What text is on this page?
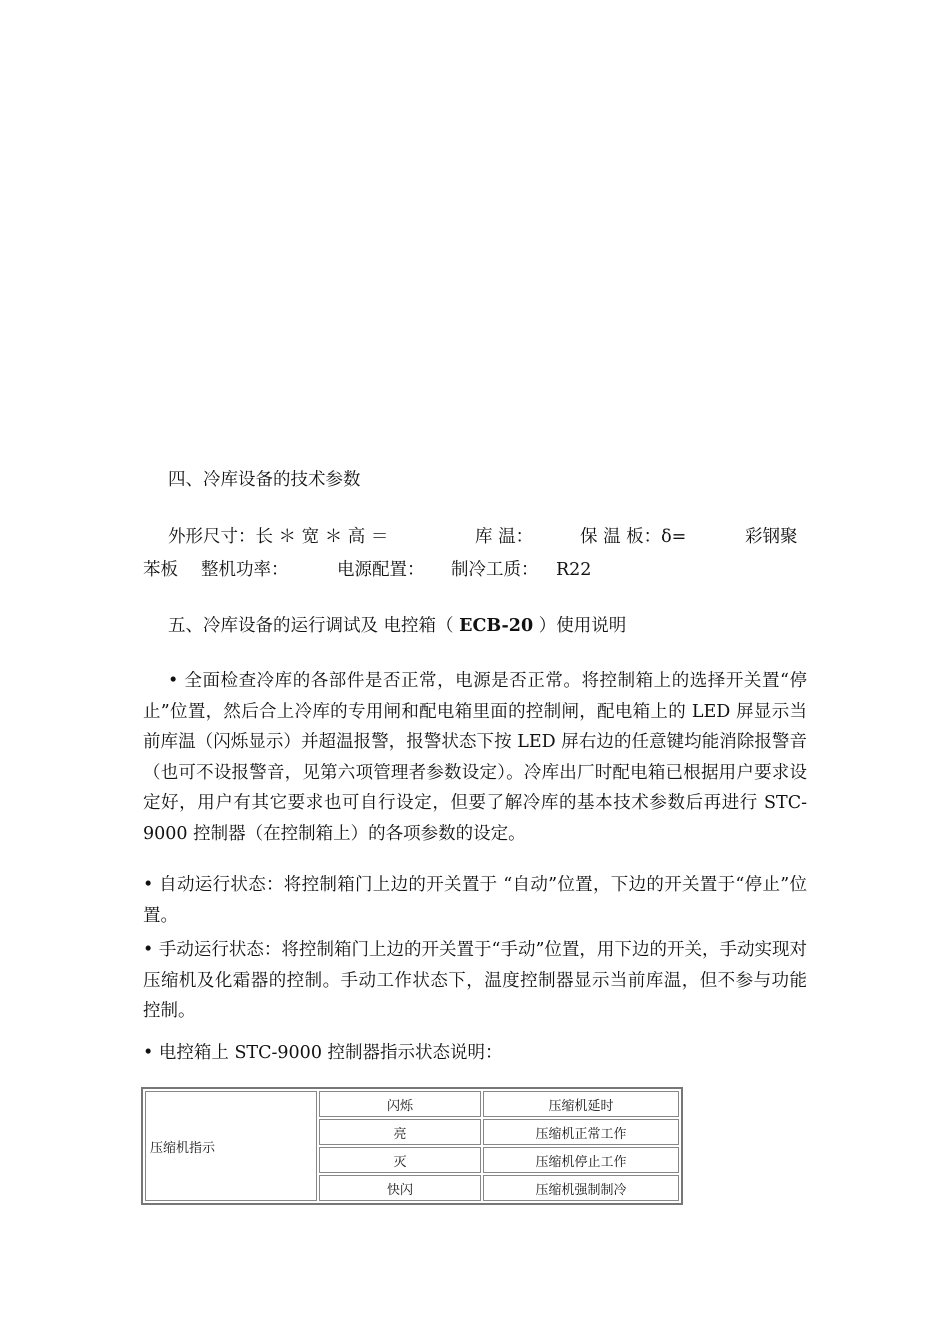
四、冷库设备的技术参数
外形尺寸：长 ＊ 宽 ＊ 高 ＝	库 温：	保 温 板：δ=	彩钢聚
苯板 整机功率：	电源配置： 制冷工质： R22
五、冷库设备的运行调试及 电控箱（ ECB-20 ）使用说明
• 全面检查冷库的各部件是否正常，电源是否正常。将控制箱上的选择开关置“停止”位置，然后合上冷库的专用闸和配电箱里面的控制闸，配电箱上的 LED 屏显示当前库温（闪烁显示）并超温报警，报警状态下按 LED 屏右边的任意键均能消除报警音（也可不设报警音，见第六项管理者参数设定）。冷库出厂时配电箱已根据用户要求设定好，用户有其它要求也可自行设定，但要了解冷库的基本技术参数后再进行 STC-9000 控制器（在控制箱上）的各项参数的设定。
• 自动运行状态：将控制箱门上边的开关置于 “自动”位置，下边的开关置于“停止”位置。
• 手动运行状态：将控制箱门上边的开关置于“手动”位置，用下边的开关，手动实现对压缩机及化霜器的控制。手动工作状态下，温度控制器显示当前库温，但不参与功能控制。
• 电控箱上 STC-9000 控制器指示状态说明：
压缩机指示	闪烁	压缩机延时
	亮	压缩机正常工作
	灭	压缩机停止工作
	快闪	压缩机强制制冷
